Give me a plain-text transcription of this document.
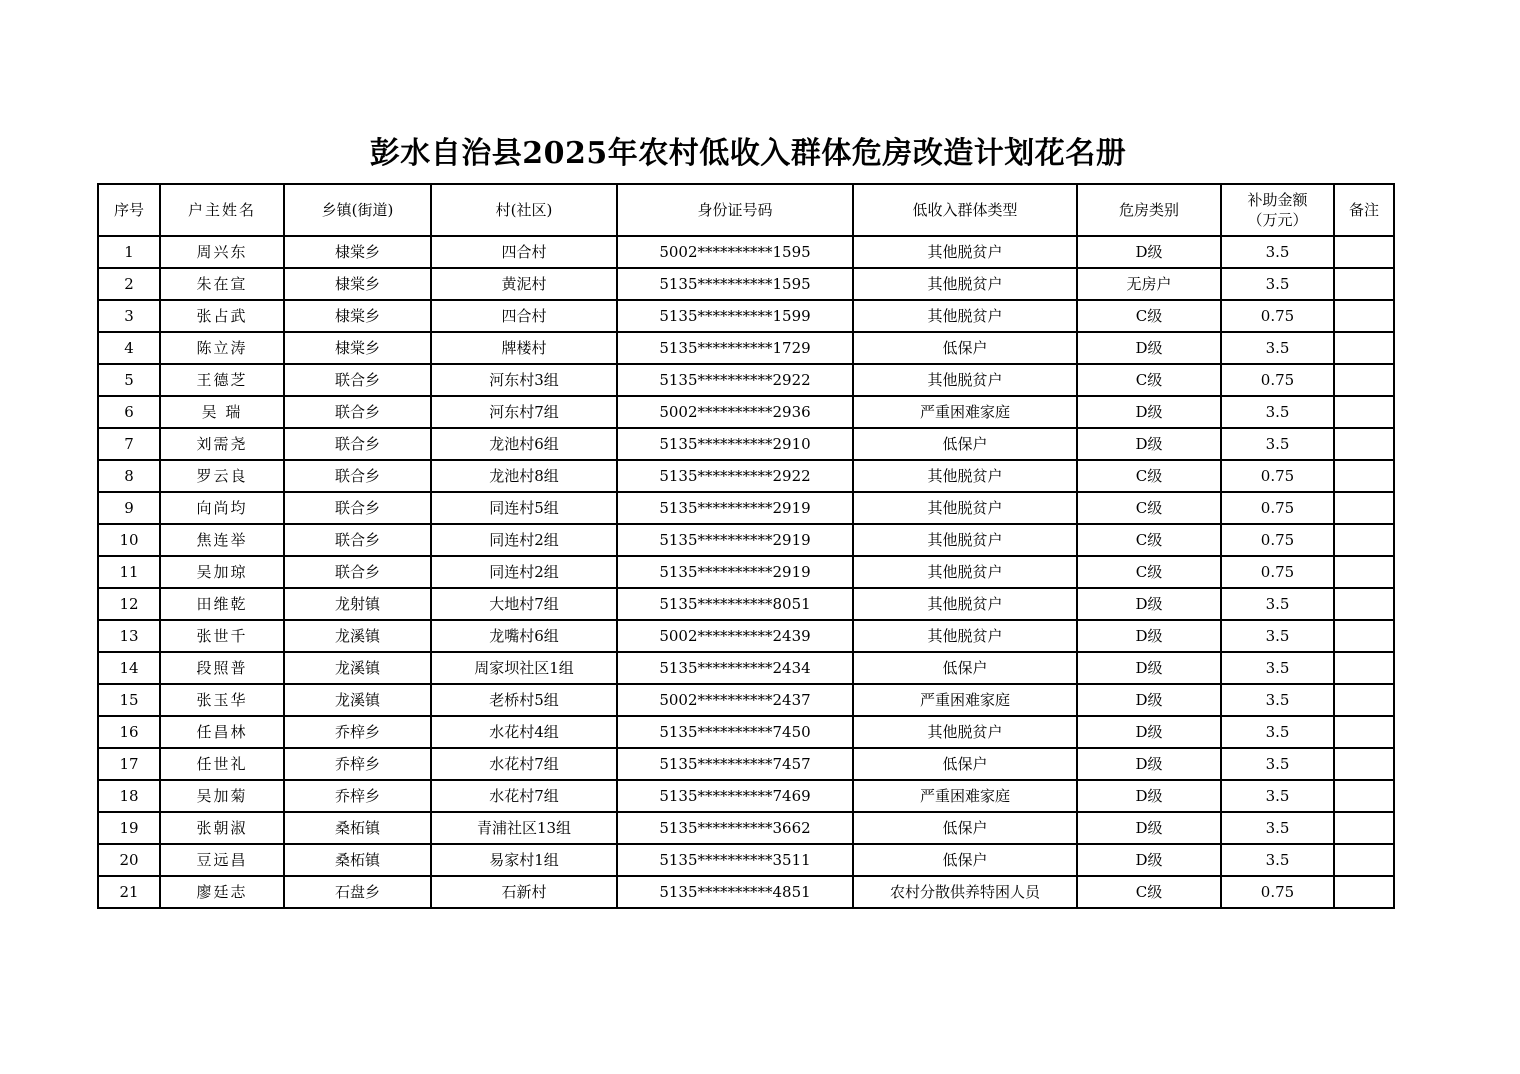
彭水自治县2025年农村低收入群体危房改造计划花名册
序号	户主姓名	乡镇(街道)	村(社区)	身份证号码	低收入群体类型	危房类别	补助金额
（万元）	备注
1	周兴东	棣棠乡	四合村	5002**********1595	其他脱贫户	D级	3.5	
2	朱在宣	棣棠乡	黄泥村	5135**********1595	其他脱贫户	无房户	3.5	
3	张占武	棣棠乡	四合村	5135**********1599	其他脱贫户	C级	0.75	
4	陈立涛	棣棠乡	牌楼村	5135**********1729	低保户	D级	3.5	
5	王德芝	联合乡	河东村3组	5135**********2922	其他脱贫户	C级	0.75	
6	吴 瑞	联合乡	河东村7组	5002**********2936	严重困难家庭	D级	3.5	
7	刘需尧	联合乡	龙池村6组	5135**********2910	低保户	D级	3.5	
8	罗云良	联合乡	龙池村8组	5135**********2922	其他脱贫户	C级	0.75	
9	向尚均	联合乡	同连村5组	5135**********2919	其他脱贫户	C级	0.75	
10	焦连举	联合乡	同连村2组	5135**********2919	其他脱贫户	C级	0.75	
11	吴加琼	联合乡	同连村2组	5135**********2919	其他脱贫户	C级	0.75	
12	田维乾	龙射镇	大地村7组	5135**********8051	其他脱贫户	D级	3.5	
13	张世千	龙溪镇	龙嘴村6组	5002**********2439	其他脱贫户	D级	3.5	
14	段照普	龙溪镇	周家坝社区1组	5135**********2434	低保户	D级	3.5	
15	张玉华	龙溪镇	老桥村5组	5002**********2437	严重困难家庭	D级	3.5	
16	任昌林	乔梓乡	水花村4组	5135**********7450	其他脱贫户	D级	3.5	
17	任世礼	乔梓乡	水花村7组	5135**********7457	低保户	D级	3.5	
18	吴加菊	乔梓乡	水花村7组	5135**********7469	严重困难家庭	D级	3.5	
19	张朝淑	桑柘镇	青浦社区13组	5135**********3662	低保户	D级	3.5	
20	豆远昌	桑柘镇	易家村1组	5135**********3511	低保户	D级	3.5	
21	廖廷志	石盘乡	石新村	5135**********4851	农村分散供养特困人员	C级	0.75	
